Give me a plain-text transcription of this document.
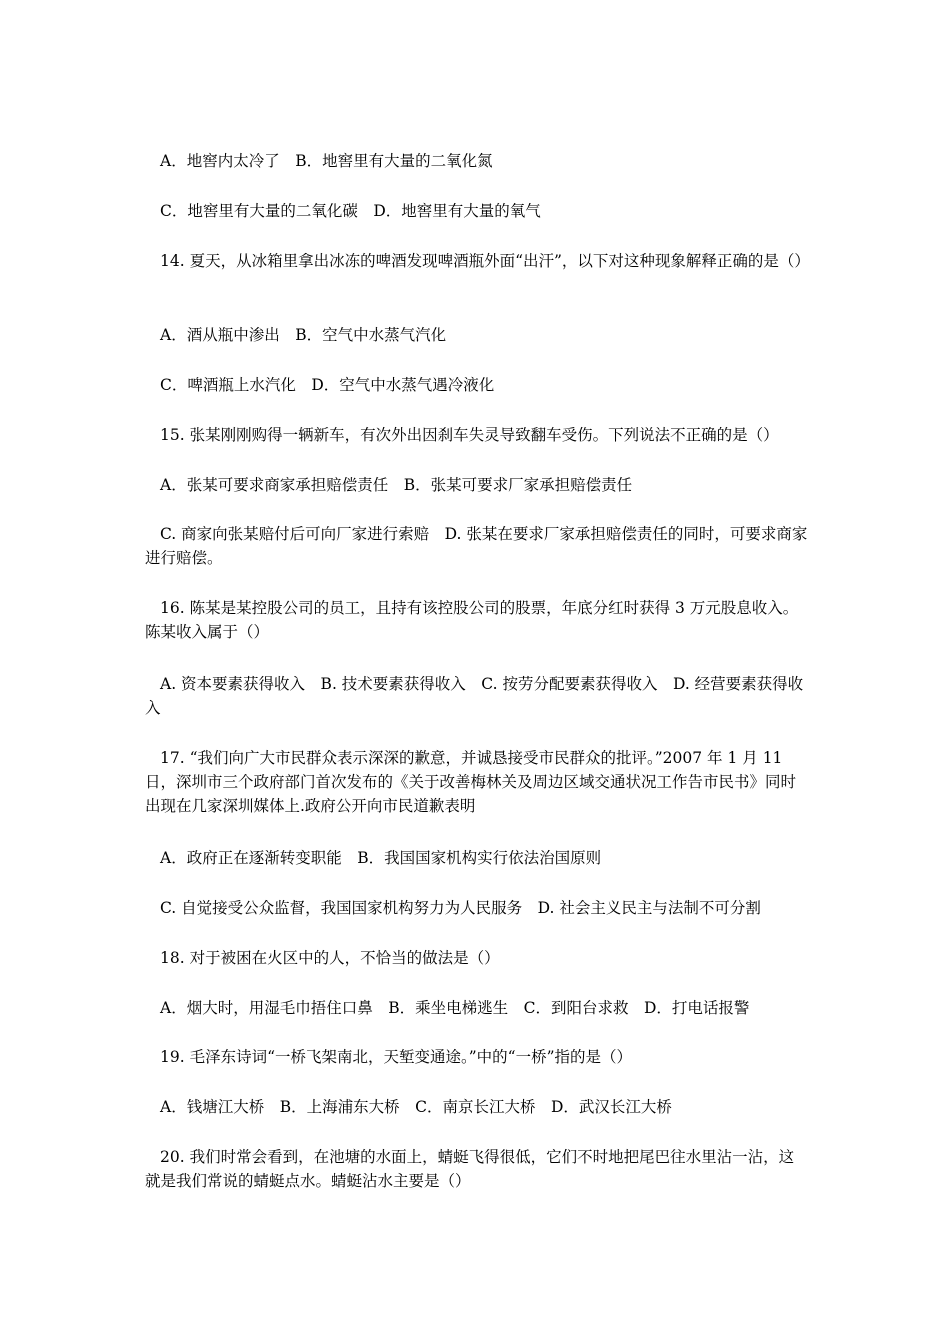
A．地窖内太冷了　B．地窖里有大量的二氧化氮

C．地窖里有大量的二氧化碳　D．地窖里有大量的氧气

14. 夏天，从冰箱里拿出冰冻的啤酒发现啤酒瓶外面“出汗”，以下对这种现象解释正确的是（）

A．酒从瓶中渗出　B．空气中水蒸气汽化

C．啤酒瓶上水汽化　D．空气中水蒸气遇冷液化

15. 张某刚刚购得一辆新车，有次外出因刹车失灵导致翻车受伤。下列说法不正确的是（）

A．张某可要求商家承担赔偿责任　B．张某可要求厂家承担赔偿责任

C. 商家向张某赔付后可向厂家进行索赔　D. 张某在要求厂家承担赔偿责任的同时，可要求商家进行赔偿。

16. 陈某是某控股公司的员工，且持有该控股公司的股票，年底分红时获得 3 万元股息收入。陈某收入属于（）

A. 资本要素获得收入　B. 技术要素获得收入　C. 按劳分配要素获得收入　D. 经营要素获得收入

17. “我们向广大市民群众表示深深的歉意，并诚恳接受市民群众的批评。”2007 年 1 月 11 日，深圳市三个政府部门首次发布的《关于改善梅林关及周边区域交通状况工作告市民书》同时出现在几家深圳媒体上.政府公开向市民道歉表明

A．政府正在逐渐转变职能　B．我国国家机构实行依法治国原则

C. 自觉接受公众监督，我国国家机构努力为人民服务　D. 社会主义民主与法制不可分割

18. 对于被困在火区中的人，不恰当的做法是（）

A．烟大时，用湿毛巾捂住口鼻　B．乘坐电梯逃生　C．到阳台求救　D．打电话报警

19. 毛泽东诗词“一桥飞架南北，天堑变通途。”中的“一桥”指的是（）

A．钱塘江大桥　B．上海浦东大桥　C．南京长江大桥　D．武汉长江大桥

20. 我们时常会看到，在池塘的水面上，蜻蜓飞得很低，它们不时地把尾巴往水里沾一沾，这就是我们常说的蜻蜓点水。蜻蜓沾水主要是（）
